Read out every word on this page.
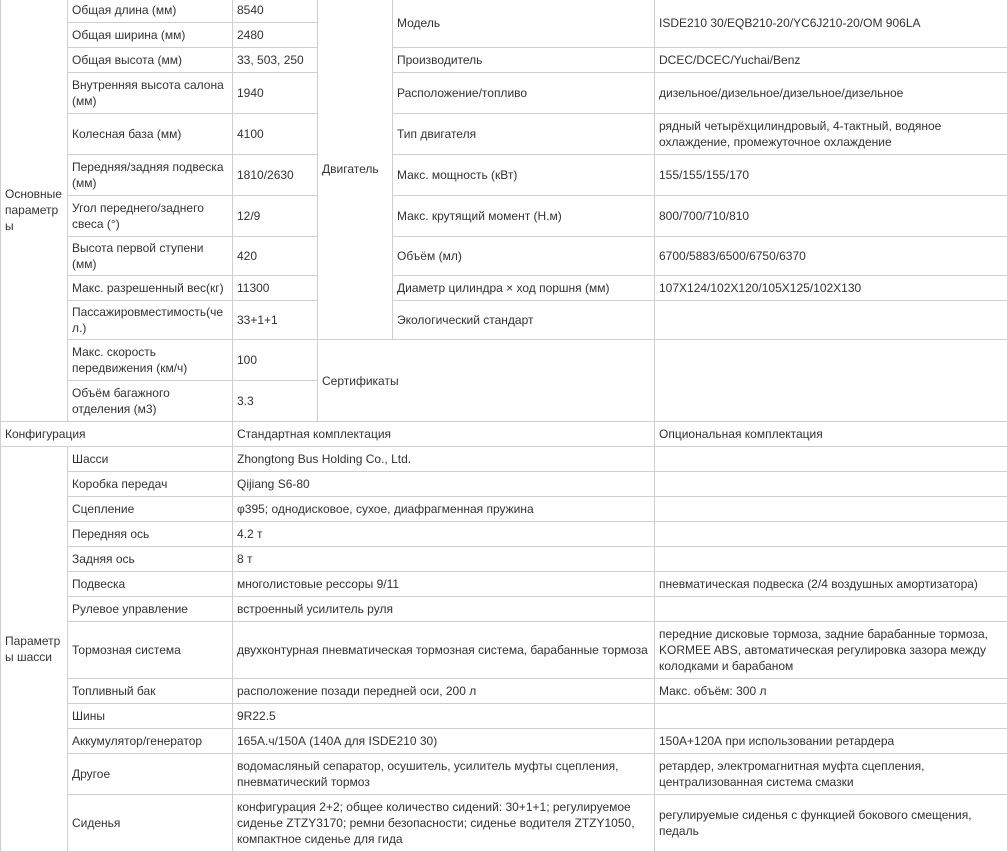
Основные параметры	Общая длина (мм)	8540	Двигатель	Модель	ISDE210 30/EQB210-20/YC6J210-20/OM 906LA
	Общая ширина (мм)	2480			
	Общая высота (мм)	33, 503, 250		Производитель	DCEC/DCEC/Yuchai/Benz
	Внутренняя высота салона (мм)	1940		Расположение/топливо	дизельное/дизельное/дизельное/дизельное
	Колесная база (мм)	4100		Тип двигателя	рядный четырёхцилиндровый, 4-тактный, водяное охлаждение, промежуточное охлаждение
	Передняя/задняя подвеска (мм)	1810/2630		Макс. мощность (кВт)	155/155/155/170
	Угол переднего/заднего свеса (°)	12/9		Макс. крутящий момент (Н.м)	800/700/710/810
	Высота первой ступени (мм)	420		Объём (мл)	6700/5883/6500/6750/6370
	Макс. разрешенный вес(кг)	11300		Диаметр цилиндра × ход поршня (мм)	107X124/102X120/105X125/102X130
	Пассажировместимость(чел.)	33+1+1		Экологический стандарт	
	Макс. скорость передвижения (км/ч)	100	Сертификаты		
	Объём багажного отделения (м3)	3.3			
Конфигурация		Стандартная комплектация			Опциональная комплектация
Параметры шасси	Шасси	Zhongtong Bus Holding Co., Ltd.			
	Коробка передач	Qijiang S6-80			
	Сцепление	φ395; однодисковое, сухое, диафрагменная пружина			
	Передняя ось	4.2 т			
	Задняя ось	8 т			
	Подвеска	многолистовые рессоры 9/11			пневматическая подвеска (2/4 воздушных амортизатора)
	Рулевое управление	встроенный усилитель руля			
	Тормозная система	двухконтурная пневматическая тормозная система, барабанные тормоза			передние дисковые тормоза, задние барабанные тормоза, KORMEE ABS, автоматическая регулировка зазора между колодками и барабаном
	Топливный бак	расположение позади передней оси, 200 л			Макс. объём: 300 л
	Шины	9R22.5			
	Аккумулятор/генератор	165А.ч/150А (140А для ISDE210 30)			150А+120А при использовании ретардера
	Другое	водомасляный сепаратор, осушитель, усилитель муфты сцепления, пневматический тормоз			ретардер, электромагнитная муфта сцепления, централизованная система смазки
	Сиденья	конфигурация 2+2; общее количество сидений: 30+1+1; регулируемое сиденье ZTZY3170; ремни безопасности; сиденье водителя ZTZY1050, компактное сиденье для гида			регулируемые сиденья с функцией бокового смещения, педаль
